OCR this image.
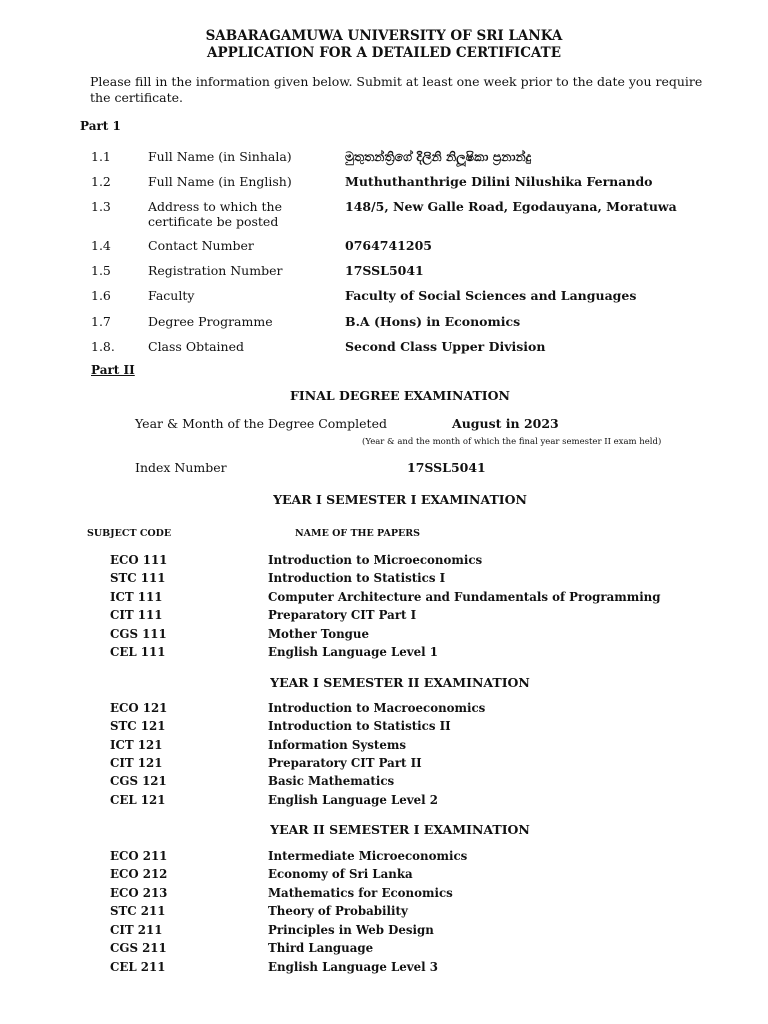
SABARAGAMUWA UNIVERSITY OF SRI LANKA
APPLICATION FOR A DETAILED CERTIFICATE
Please fill in the information given below. Submit at least one week prior to the date you require the certificate.
Part 1
1.1	Full Name (in Sinhala)	මුතුතන්ත්‍රිගේ දිලිනි නිලූෂිකා ප්‍රනාන්දු
1.2	Full Name (in English)	Muthuthanthrige Dilini Nilushika Fernando
1.3	Address to which the certificate be posted
148/5, New Galle Road, Egodauyana, Moratuwa
1.4	Contact Number	0764741205
1.5	Registration Number	17SSL5041
1.6	Faculty	Faculty of Social Sciences and Languages
1.7	Degree Programme	B.A (Hons) in Economics
1.8.	Class Obtained	Second Class Upper Division
Part II
FINAL DEGREE EXAMINATION
Year & Month of the Degree Completed	August in 2023
(Year & and the month of which the final year semester II exam held)
Index Number	17SSL5041
YEAR I SEMESTER I EXAMINATION
SUBJECT CODE	NAME OF THE PAPERS
ECO 111	Introduction to Microeconomics
STC 111	Introduction to Statistics I
ICT 111	Computer Architecture and Fundamentals of Programming
CIT 111	Preparatory CIT Part I
CGS 111	Mother Tongue
CEL 111	English Language Level 1
YEAR I SEMESTER II EXAMINATION
ECO 121	Introduction to Macroeconomics
STC 121	Introduction to Statistics II
ICT 121	Information Systems
CIT 121	Preparatory CIT Part II
CGS 121	Basic Mathematics
CEL 121	English Language Level 2
YEAR II SEMESTER I EXAMINATION
ECO 211	Intermediate Microeconomics
ECO 212	Economy of Sri Lanka
ECO 213	Mathematics for Economics
STC 211	Theory of Probability
CIT 211	Principles in Web Design
CGS 211	Third Language
CEL 211	English Language Level 3
